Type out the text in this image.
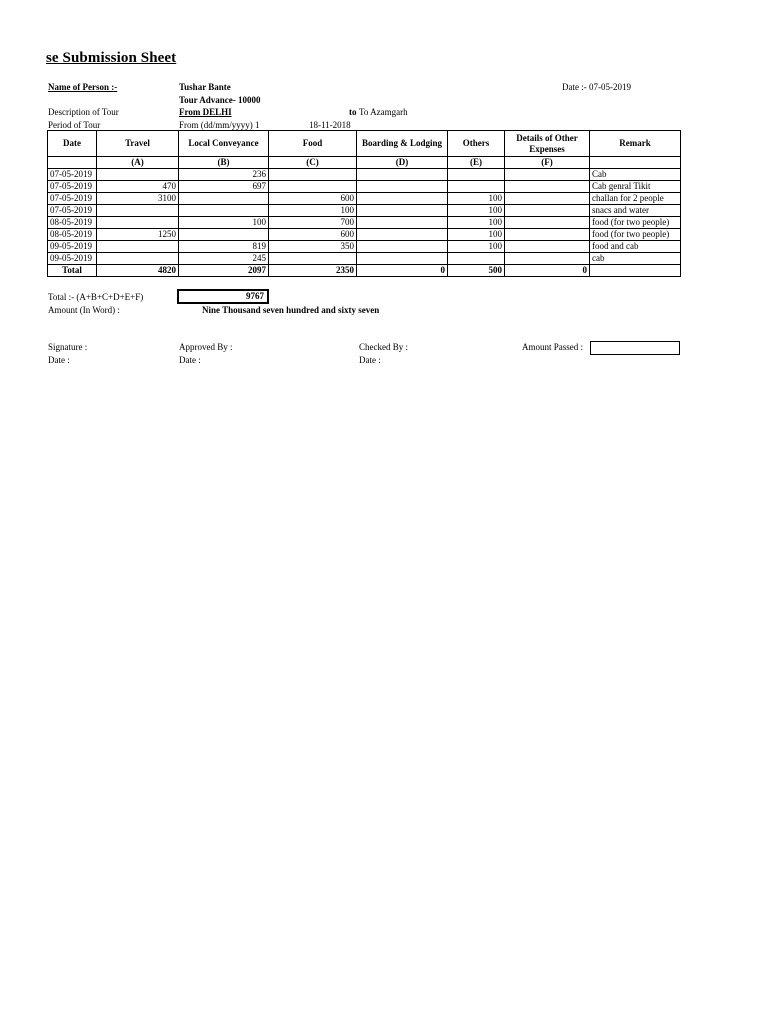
se Submission Sheet
Name of Person :-	Tushar Bante	Date :- 07-05-2019
Tour Advance- 10000
Description of Tour	From DELHI	to To Azamgarh
Period of Tour	From (dd/mm/yyyy) 1	18-11-2018
Date	Travel	Local Conveyance	Food	Boarding & Lodging	Others	Details of Other Expenses	Remark
	(A)	(B)	(C)	(D)	(E)	(F)	
07-05-2019		236					Cab
07-05-2019	470	697					Cab genral Tikit
07-05-2019	3100		600		100		challan for 2 people
07-05-2019			100		100		snacs and water
08-05-2019		100	700		100		food (for two people)
08-05-2019	1250		600		100		food (for two people)
09-05-2019		819	350		100		food and cab
09-05-2019		245					cab
Total	4820	2097	2350	0	500	0	
Total :- (A+B+C+D+E+F)	9767
Amount (In Word) :	Nine Thousand seven hundred and sixty seven
Signature :	Approved By :	Checked By :	Amount Passed :
Date :	Date :	Date :
